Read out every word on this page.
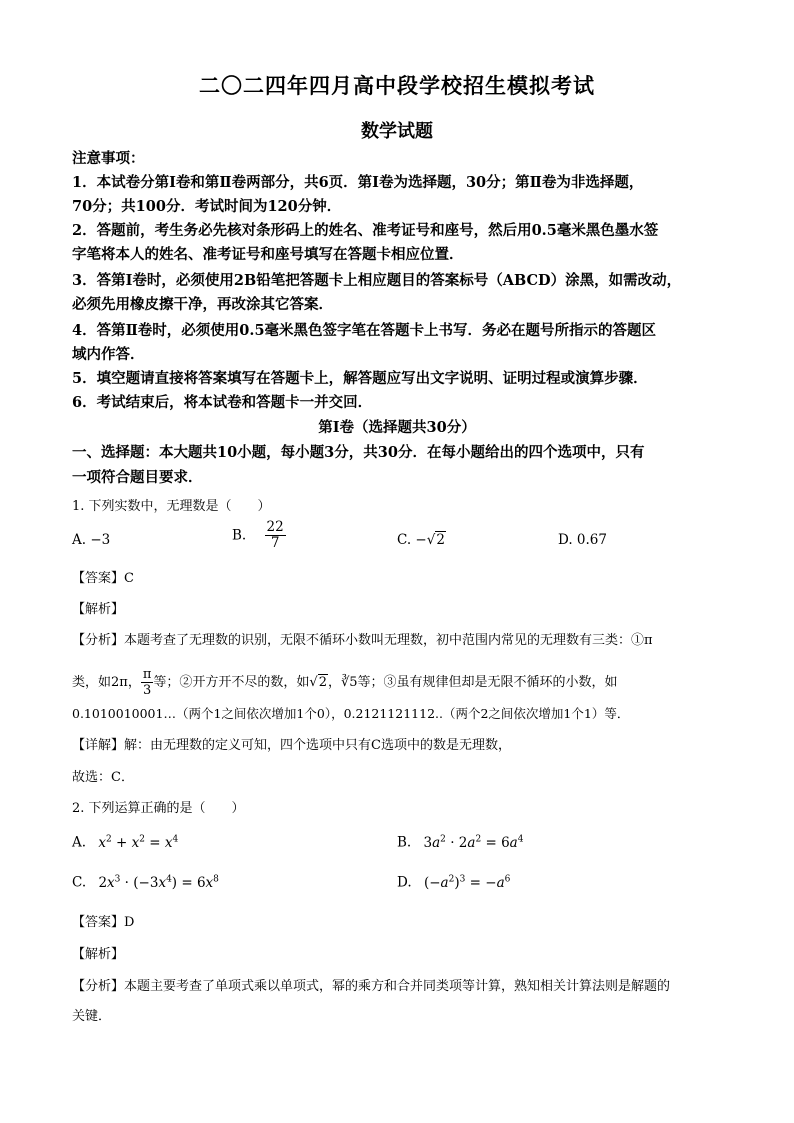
二〇二四年四月高中段学校招生模拟考试
数学试题
注意事项：
1．本试卷分第Ⅰ卷和第Ⅱ卷两部分，共6页．第Ⅰ卷为选择题，30分；第Ⅱ卷为非选择题，
70分；共100分．考试时间为120分钟．
2．答题前，考生务必先核对条形码上的姓名、准考证号和座号，然后用0.5毫米黑色墨水签
字笔将本人的姓名、准考证号和座号填写在答题卡相应位置．
3．答第Ⅰ卷时，必须使用2B铅笔把答题卡上相应题目的答案标号（ABCD）涂黑，如需改动，
必须先用橡皮擦干净，再改涂其它答案．
4．答第Ⅱ卷时，必须使用0.5毫米黑色签字笔在答题卡上书写．务必在题号所指示的答题区
域内作答．
5．填空题请直接将答案填写在答题卡上，解答题应写出文字说明、证明过程或演算步骤．
6．考试结束后，将本试卷和答题卡一并交回．
第Ⅰ卷（选择题共30分）
一、选择题：本大题共10小题，每小题3分，共30分．在每小题给出的四个选项中，只有
一项符合题目要求．
1. 下列实数中，无理数是（　　）
A. −3	B. $\frac{22}{7}$	C. −√2	D. 0.67
【答案】C
【解析】
【分析】本题考查了无理数的识别，无限不循环小数叫无理数，初中范围内常见的无理数有三类：①π
类，如2π， $\frac{\pi}{3}$ 等；②开方开不尽的数，如√2，∛5等；③虽有规律但却是无限不循环的小数，如
0.1010010001…（两个1之间依次增加1个0），0.2121121112..（两个2之间依次增加1个1）等．
【详解】解：由无理数的定义可知，四个选项中只有C选项中的数是无理数，
故选：C．
2. 下列运算正确的是（　　）
A. $x^2 + x^2 = x^4$	B. $3a^2 \cdot 2a^2 = 6a^4$
C. $2x^3 \cdot (-3x^4) = 6x^8$	D. $(-a^2)^3 = -a^6$
【答案】D
【解析】
【分析】本题主要考查了单项式乘以单项式，幂的乘方和合并同类项等计算，熟知相关计算法则是解题的
关键．
